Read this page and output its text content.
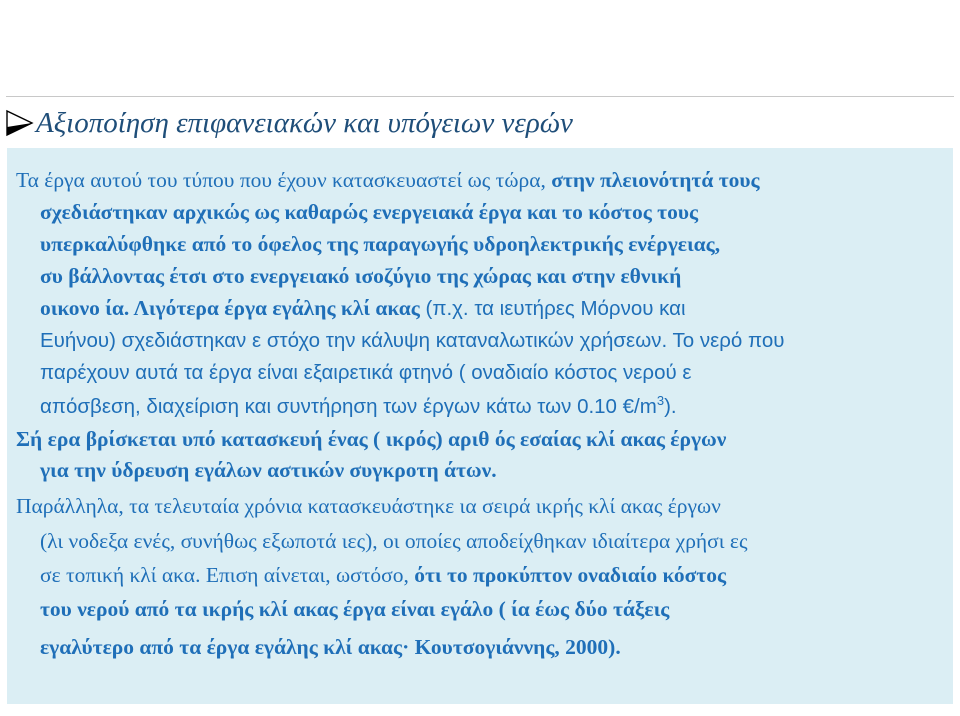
Αξιοποίηση επιφανειακών και υπόγειων νερών
Τα έργα αυτού του τύπου που έχουν κατασκευαστεί ως τώρα, στην πλειονότητά τους
σχεδιάστηκαν αρχικώς ως καθαρώς ενεργειακά έργα και το κόστος τους
υπερκαλύφθηκε από το όφελος της παραγωγής υδροηλεκτρικής ενέργειας,
συ βάλλοντας έτσι στο ενεργειακό ισοζύγιο της χώρας και στην εθνική
οικονο ία. Λιγότερα έργα εγάλης κλί ακας (π.χ. τα ιευτήρες Μόρνου και
Ευήνου) σχεδιάστηκαν ε στόχο την κάλυψη καταναλωτικών χρήσεων. Το νερό που
παρέχουν αυτά τα έργα είναι εξαιρετικά φτηνό ( οναδιαίο κόστος νερού ε
απόσβεση, διαχείριση και συντήρηση των έργων κάτω των 0.10 $€/m^3$).
Σή ερα βρίσκεται υπό κατασκευή ένας ( ικρός) αριθ ός εσαίας κλί ακας έργων
για την ύδρευση εγάλων αστικών συγκροτη άτων.
Παράλληλα, τα τελευταία χρόνια κατασκευάστηκε ια σειρά ικρής κλί ακας έργων
(λι νοδεξα ενές, συνήθως εξωποτά ιες), οι οποίες αποδείχθηκαν ιδιαίτερα χρήσι ες
σε τοπική κλί ακα. Επιση αίνεται, ωστόσο, ότι το προκύπτον οναδιαίο κόστος
του νερού από τα ικρής κλί ακας έργα είναι εγάλο ( ία έως δύο τάξεις
εγαλύτερο από τα έργα εγάλης κλί ακας· Κουτσογιάννης, 2000).
